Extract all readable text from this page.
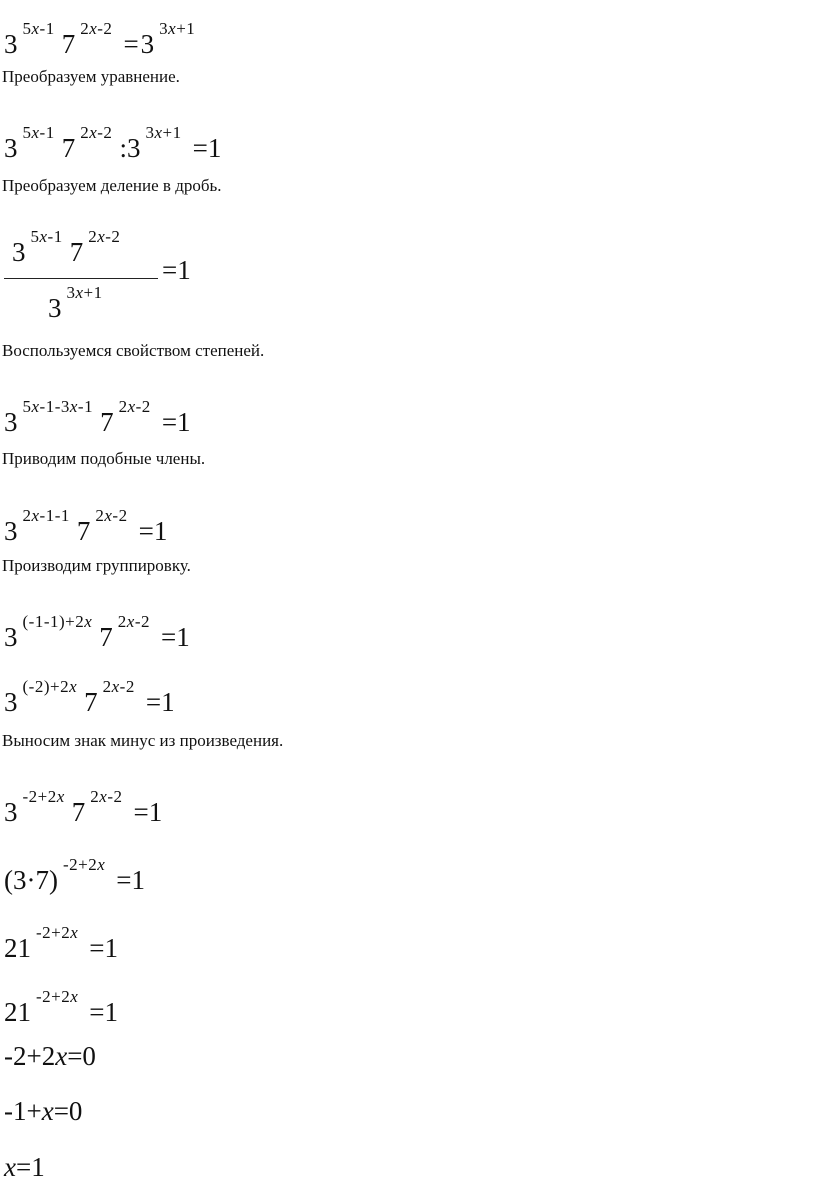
$3^{5x-1}7^{2x-2}=3^{3x+1}$
Преобразуем уравнение.
$3^{5x-1}7^{2x-2}:3^{3x+1}=1$
Преобразуем деление в дробь.
$3^{5x-1}7^{2x-2}$
$3^{3x+1}$
=1
Воспользуемся свойством степеней.
$3^{5x-1-3x-1}7^{2x-2}=1$
Приводим подобные члены.
$3^{2x-1-1}7^{2x-2}=1$
Производим группировку.
$3^{(-1-1)+2x}7^{2x-2}=1$
$3^{(-2)+2x}7^{2x-2}=1$
Выносим знак минус из произведения.
$3^{-2+2x}7^{2x-2}=1$
$(3\cdot 7)^{-2+2x}=1$
$21^{-2+2x}=1$
$21^{-2+2x}=1$
-2+2x=0
-1+x=0
x=1
